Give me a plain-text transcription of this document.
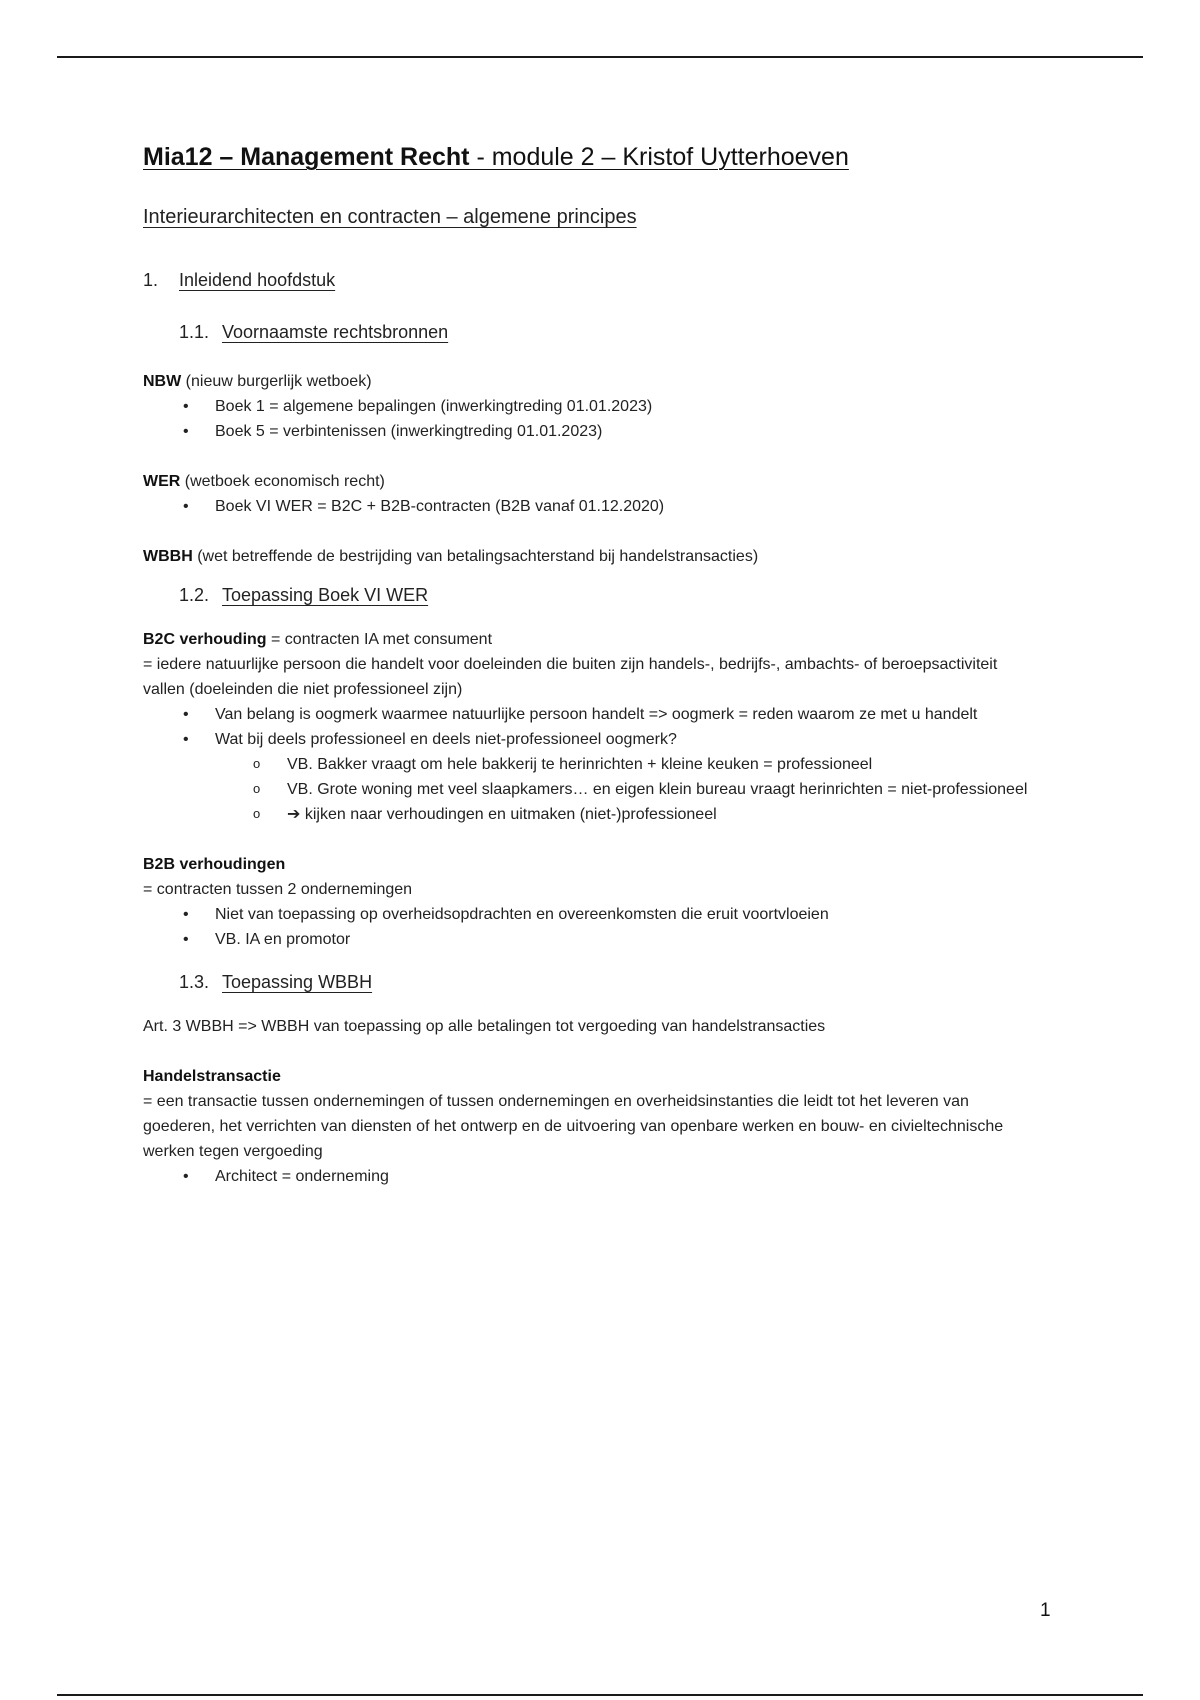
Mia12 – Management Recht - module 2 – Kristof Uytterhoeven
Interieurarchitecten en contracten – algemene principes
1.	Inleidend hoofdstuk
1.1. Voornaamste rechtsbronnen
NBW (nieuw burgerlijk wetboek)
• Boek 1 = algemene bepalingen (inwerkingtreding 01.01.2023)
• Boek 5 = verbintenissen (inwerkingtreding 01.01.2023)
WER (wetboek economisch recht)
• Boek VI WER = B2C + B2B-contracten (B2B vanaf 01.12.2020)
WBBH (wet betreffende de bestrijding van betalingsachterstand bij handelstransacties)
1.2. Toepassing Boek VI WER
B2C verhouding = contracten IA met consument
= iedere natuurlijke persoon die handelt voor doeleinden die buiten zijn handels-, bedrijfs-, ambachts- of beroepsactiviteit vallen (doeleinden die niet professioneel zijn)
• Van belang is oogmerk waarmee natuurlijke persoon handelt => oogmerk = reden waarom ze met u handelt
• Wat bij deels professioneel en deels niet-professioneel oogmerk?
o VB. Bakker vraagt om hele bakkerij te herinrichten + kleine keuken = professioneel
o VB. Grote woning met veel slaapkamers… en eigen klein bureau vraagt herinrichten = niet-professioneel
o ➔ kijken naar verhoudingen en uitmaken (niet-)professioneel
B2B verhoudingen
= contracten tussen 2 ondernemingen
• Niet van toepassing op overheidsopdrachten en overeenkomsten die eruit voortvloeien
• VB. IA en promotor
1.3. Toepassing WBBH
Art. 3 WBBH => WBBH van toepassing op alle betalingen tot vergoeding van handelstransacties
Handelstransactie
= een transactie tussen ondernemingen of tussen ondernemingen en overheidsinstanties die leidt tot het leveren van goederen, het verrichten van diensten of het ontwerp en de uitvoering van openbare werken en bouw- en civieltechnische werken tegen vergoeding
• Architect = onderneming
1
